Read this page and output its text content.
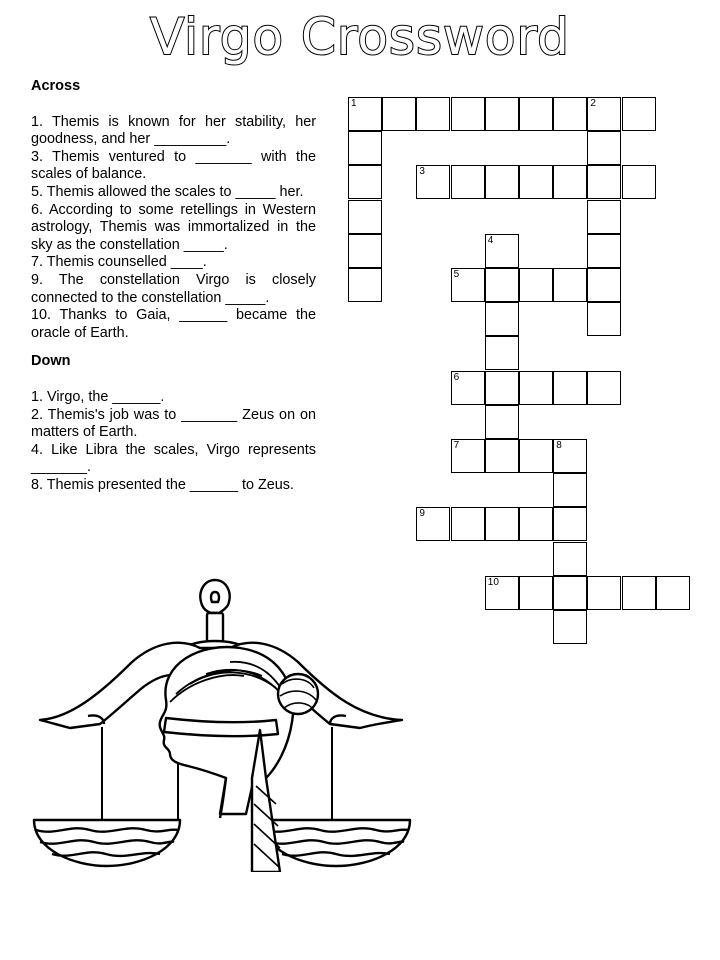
Virgo Crossword
Across

1. Themis is known for her stability, her goodness, and her _________.

3. Themis ventured to _______ with the scales of balance.

5. Themis allowed the scales to _____ her.

6. According to some retellings in Western astrology, Themis was immortalized in the sky as the constellation _____.

7. Themis counselled ____.

9. The constellation Virgo is closely connected to the constellation _____.

10. Thanks to Gaia, ______ became the oracle of Earth.

Down

1. Virgo, the ______.

2. Themis's job was to _______ Zeus on on matters of Earth.

4. Like Libra the scales, Virgo represents _______.

8. Themis presented the ______ to Zeus.

1	2
3
4
5
6
7	8
9
10
